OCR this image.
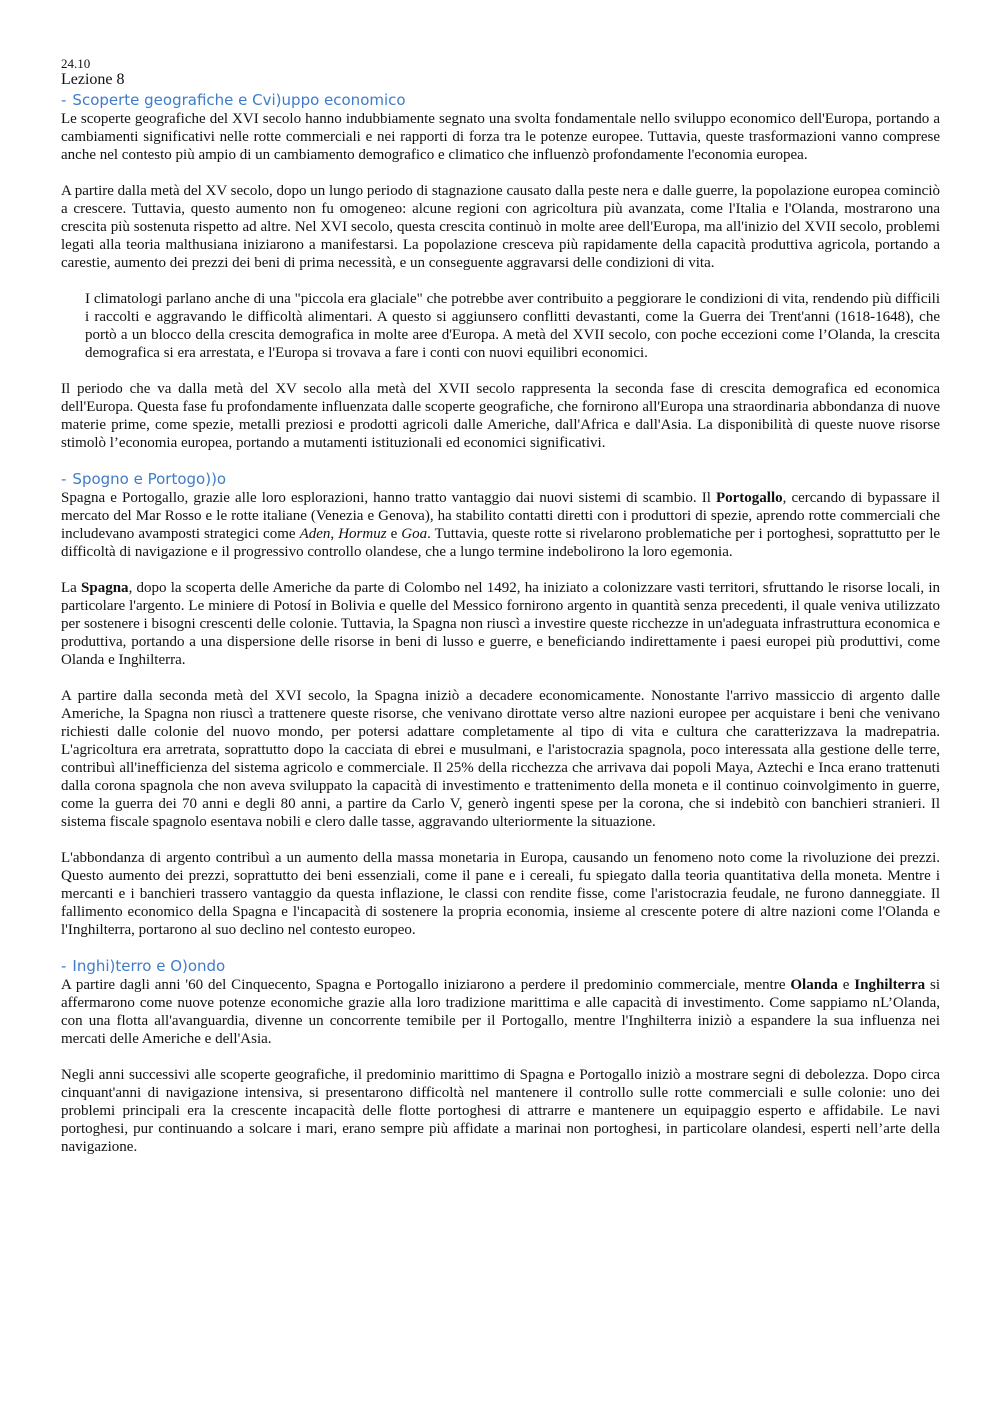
24.10
Lezione 8
- Scoperte geografiche e Cvi)uppo economico

Le scoperte geografiche del XVI secolo hanno indubbiamente segnato una svolta fondamentale nello sviluppo economico dell'Europa, portando a cambiamenti significativi nelle rotte commerciali e nei rapporti di forza tra le potenze europee. Tuttavia, queste trasformazioni vanno comprese anche nel contesto più ampio di un cambiamento demografico e climatico che influenzò profondamente l'economia europea.

A partire dalla metà del XV secolo, dopo un lungo periodo di stagnazione causato dalla peste nera e dalle guerre, la popolazione europea cominciò a crescere. Tuttavia, questo aumento non fu omogeneo: alcune regioni con agricoltura più avanzata, come l'Italia e l'Olanda, mostrarono una crescita più sostenuta rispetto ad altre. Nel XVI secolo, questa crescita continuò in molte aree dell'Europa, ma all'inizio del XVII secolo, problemi legati alla teoria malthusiana iniziarono a manifestarsi. La popolazione cresceva più rapidamente della capacità produttiva agricola, portando a carestie, aumento dei prezzi dei beni di prima necessità, e un conseguente aggravarsi delle condizioni di vita.

I climatologi parlano anche di una "piccola era glaciale" che potrebbe aver contribuito a peggiorare le condizioni di vita, rendendo più difficili i raccolti e aggravando le difficoltà alimentari. A questo si aggiunsero conflitti devastanti, come la Guerra dei Trent'anni (1618-1648), che portò a un blocco della crescita demografica in molte aree d'Europa. A metà del XVII secolo, con poche eccezioni come l’Olanda, la crescita demografica si era arrestata, e l'Europa si trovava a fare i conti con nuovi equilibri economici.

Il periodo che va dalla metà del XV secolo alla metà del XVII secolo rappresenta la seconda fase di crescita demografica ed economica dell'Europa. Questa fase fu profondamente influenzata dalle scoperte geografiche, che fornirono all'Europa una straordinaria abbondanza di nuove materie prime, come spezie, metalli preziosi e prodotti agricoli dalle Americhe, dall'Africa e dall'Asia. La disponibilità di queste nuove risorse stimolò l’economia europea, portando a mutamenti istituzionali ed economici significativi.

- Spogno e Portogo))o

Spagna e Portogallo, grazie alle loro esplorazioni, hanno tratto vantaggio dai nuovi sistemi di scambio. Il Portogallo, cercando di bypassare il mercato del Mar Rosso e le rotte italiane (Venezia e Genova), ha stabilito contatti diretti con i produttori di spezie, aprendo rotte commerciali che includevano avamposti strategici come Aden, Hormuz e Goa. Tuttavia, queste rotte si rivelarono problematiche per i portoghesi, soprattutto per le difficoltà di navigazione e il progressivo controllo olandese, che a lungo termine indebolirono la loro egemonia.

La Spagna, dopo la scoperta delle Americhe da parte di Colombo nel 1492, ha iniziato a colonizzare vasti territori, sfruttando le risorse locali, in particolare l'argento. Le miniere di Potosí in Bolivia e quelle del Messico fornirono argento in quantità senza precedenti, il quale veniva utilizzato per sostenere i bisogni crescenti delle colonie. Tuttavia, la Spagna non riuscì a investire queste ricchezze in un'adeguata infrastruttura economica e produttiva, portando a una dispersione delle risorse in beni di lusso e guerre, e beneficiando indirettamente i paesi europei più produttivi, come Olanda e Inghilterra.

A partire dalla seconda metà del XVI secolo, la Spagna iniziò a decadere economicamente. Nonostante l'arrivo massiccio di argento dalle Americhe, la Spagna non riuscì a trattenere queste risorse, che venivano dirottate verso altre nazioni europee per acquistare i beni che venivano richiesti dalle colonie del nuovo mondo, per potersi adattare completamente al tipo di vita e cultura che caratterizzava la madrepatria. L'agricoltura era arretrata, soprattutto dopo la cacciata di ebrei e musulmani, e l'aristocrazia spagnola, poco interessata alla gestione delle terre, contribuì all'inefficienza del sistema agricolo e commerciale. Il 25% della ricchezza che arrivava dai popoli Maya, Aztechi e Inca erano trattenuti dalla corona spagnola che non aveva sviluppato la capacità di investimento e trattenimento della moneta e il continuo coinvolgimento in guerre, come la guerra dei 70 anni e degli 80 anni, a partire da Carlo V, generò ingenti spese per la corona, che si indebitò con banchieri stranieri. Il sistema fiscale spagnolo esentava nobili e clero dalle tasse, aggravando ulteriormente la situazione.

L'abbondanza di argento contribuì a un aumento della massa monetaria in Europa, causando un fenomeno noto come la rivoluzione dei prezzi. Questo aumento dei prezzi, soprattutto dei beni essenziali, come il pane e i cereali, fu spiegato dalla teoria quantitativa della moneta. Mentre i mercanti e i banchieri trassero vantaggio da questa inflazione, le classi con rendite fisse, come l'aristocrazia feudale, ne furono danneggiate. Il fallimento economico della Spagna e l'incapacità di sostenere la propria economia, insieme al crescente potere di altre nazioni come l'Olanda e l'Inghilterra, portarono al suo declino nel contesto europeo.

- Inghi)terro e O)ondo

A partire dagli anni '60 del Cinquecento, Spagna e Portogallo iniziarono a perdere il predominio commerciale, mentre Olanda e Inghilterra si affermarono come nuove potenze economiche grazie alla loro tradizione marittima e alle capacità di investimento. Come sappiamo nL’Olanda, con una flotta all'avanguardia, divenne un concorrente temibile per il Portogallo, mentre l'Inghilterra iniziò a espandere la sua influenza nei mercati delle Americhe e dell'Asia.

Negli anni successivi alle scoperte geografiche, il predominio marittimo di Spagna e Portogallo iniziò a mostrare segni di debolezza. Dopo circa cinquant'anni di navigazione intensiva, si presentarono difficoltà nel mantenere il controllo sulle rotte commerciali e sulle colonie: uno dei problemi principali era la crescente incapacità delle flotte portoghesi di attrarre e mantenere un equipaggio esperto e affidabile. Le navi portoghesi, pur continuando a solcare i mari, erano sempre più affidate a marinai non portoghesi, in particolare olandesi, esperti nell’arte della navigazione.
